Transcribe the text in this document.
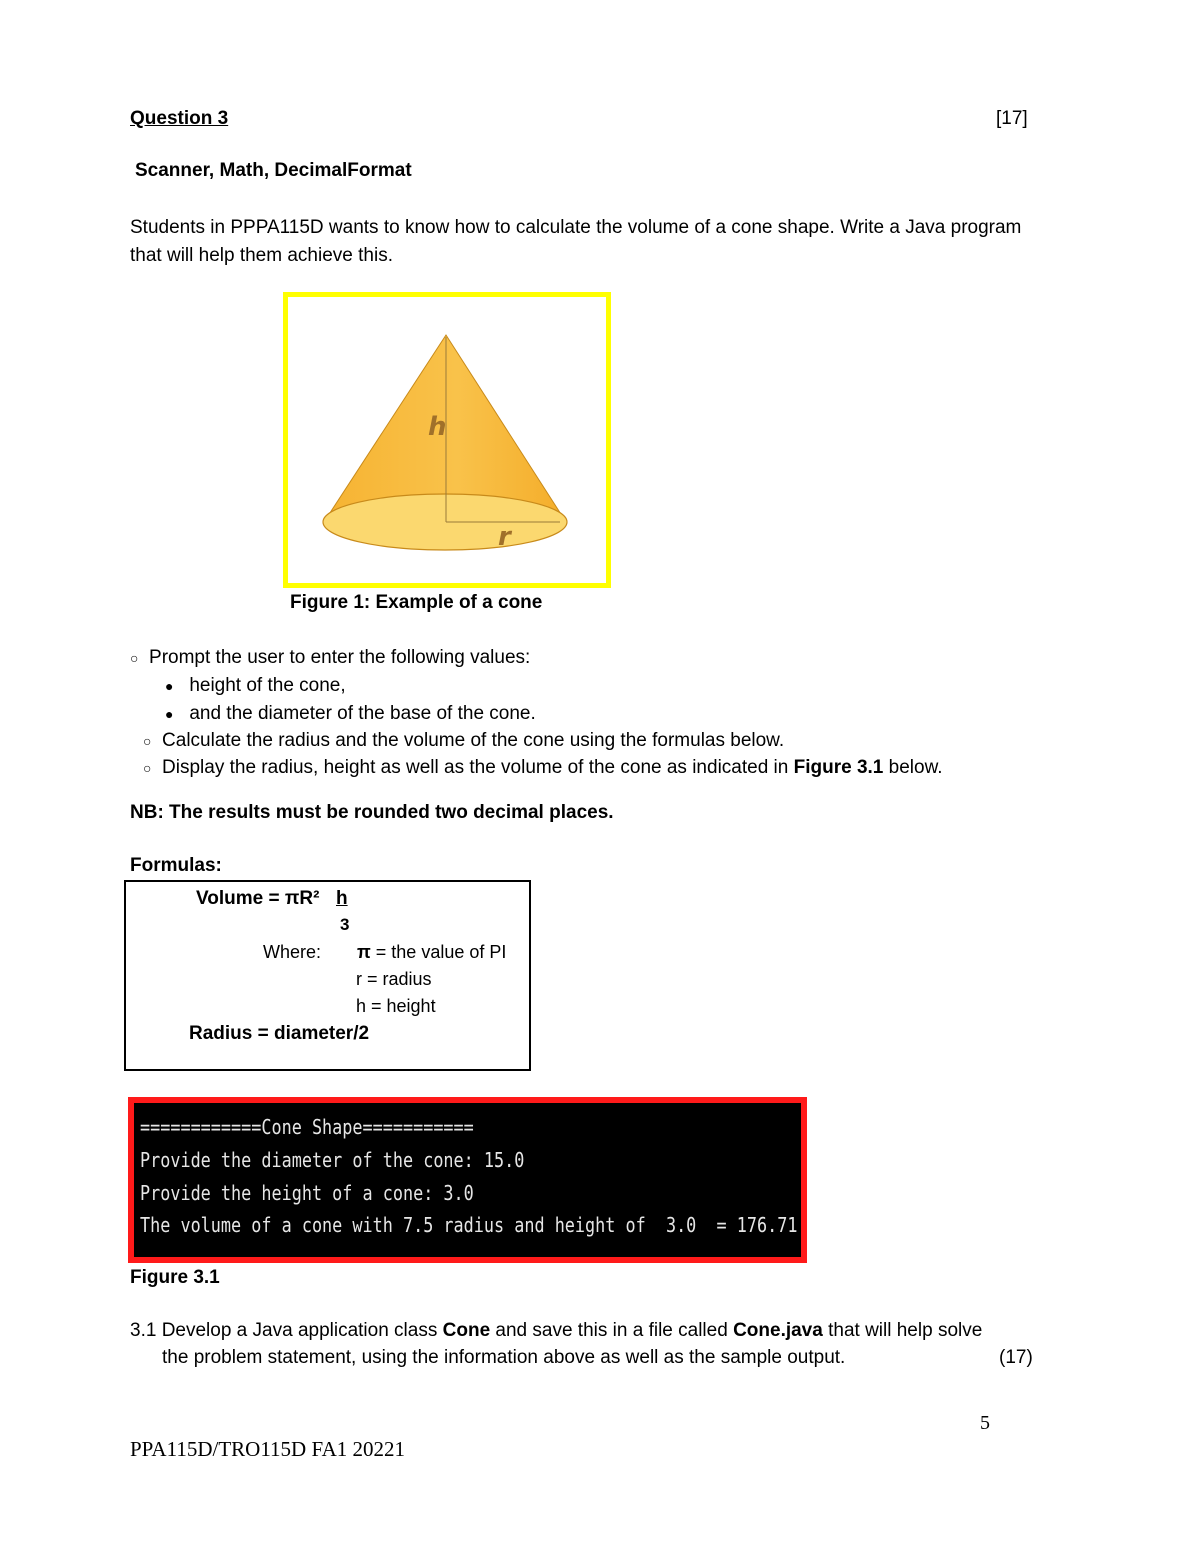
Question 3	[17]
Scanner, Math, DecimalFormat
Students in PPPA115D wants to know how to calculate the volume of a cone shape. Write a Java program that will help them achieve this.
h
r
Figure 1: Example of a cone
○ Prompt the user to enter the following values:
● height of the cone,
● and the diameter of the base of the cone.
○ Calculate the radius and the volume of the cone using the formulas below.
○ Display the radius, height as well as the volume of the cone as indicated in Figure 3.1 below.
NB: The results must be rounded two decimal places.
Formulas:
Volume = πR² h
3
Where: π = the value of PI
r = radius
h = height
Radius = diameter/2
============Cone Shape===========
Provide the diameter of the cone: 15.0
Provide the height of a cone: 3.0
The volume of a cone with 7.5 radius and height of  3.0  = 176.71
Figure 3.1
3.1 Develop a Java application class Cone and save this in a file called Cone.java that will help solve
the problem statement, using the information above as well as the sample output.	(17)
5
PPA115D/TRO115D FA1 20221
